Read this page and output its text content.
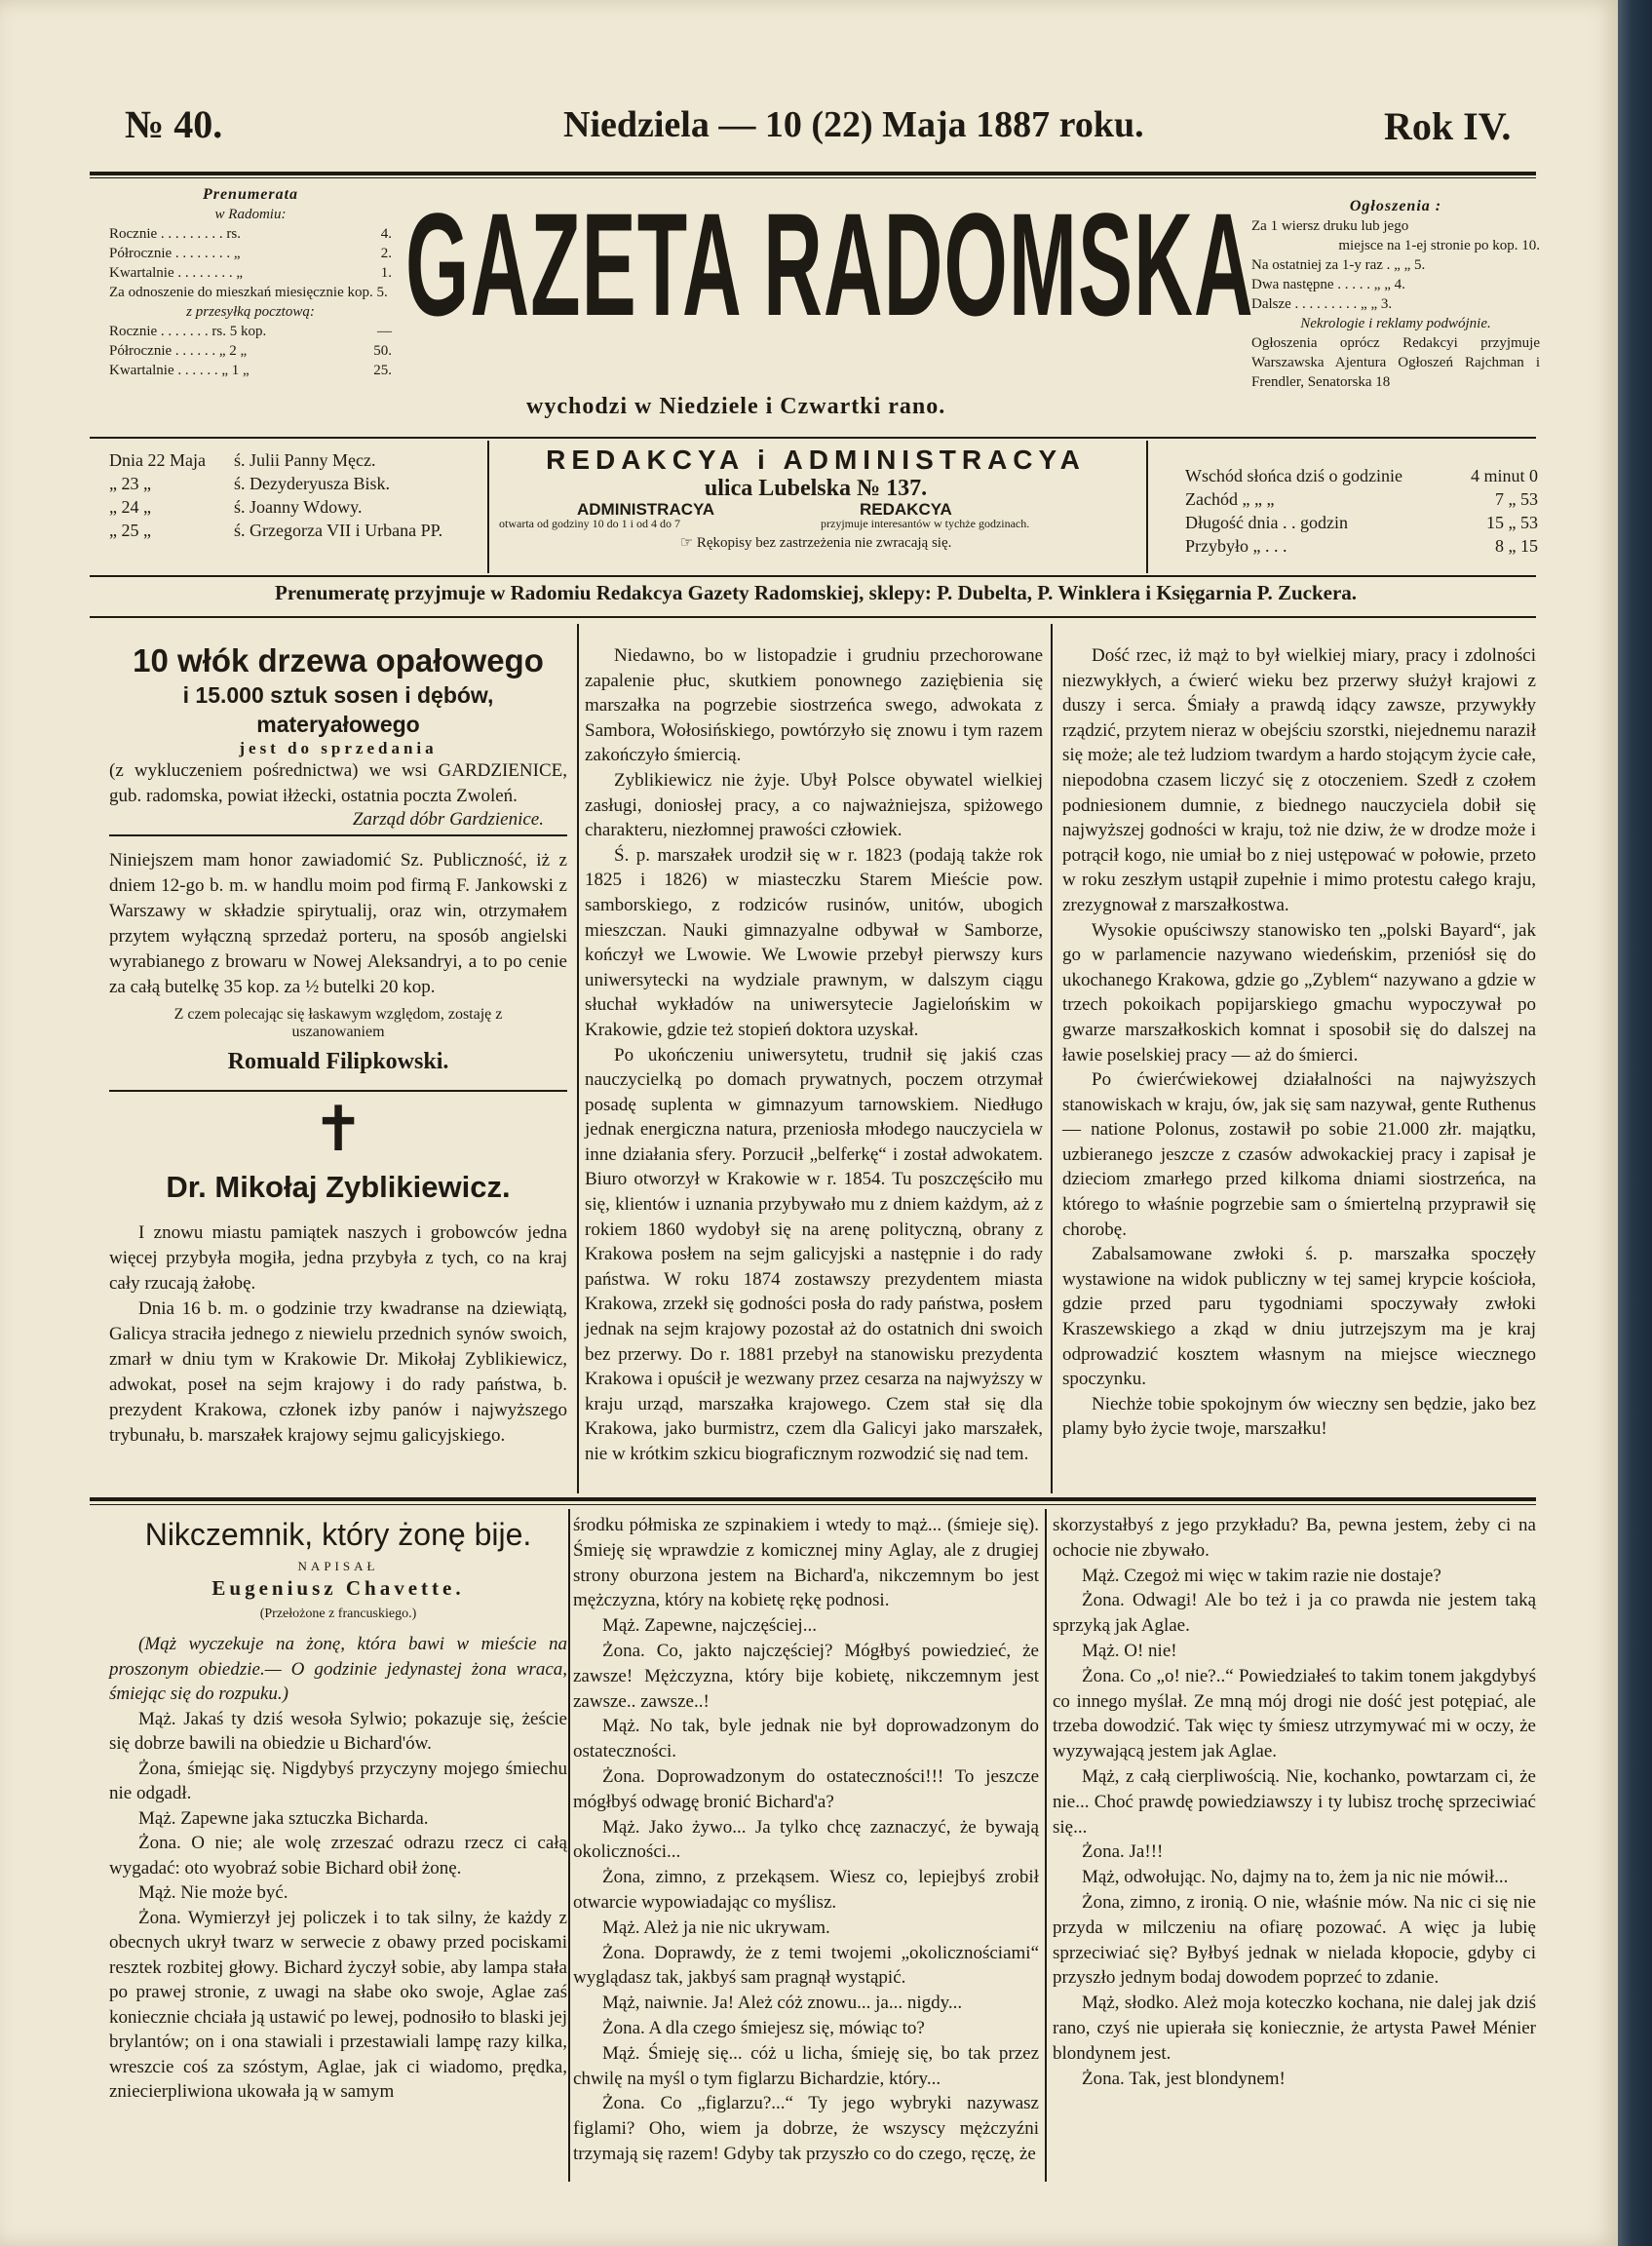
№ 40.	Niedziela — 10 (22) Maja 1887 roku.	Rok IV.
Prenumerata
w Radomiu:
Rocznie . . . . . . . . . rs.	4.
Półrocznie . . . . . . . . „	2.
Kwartalnie . . . . . . . . „	1.
Za odnoszenie do mieszkań miesięcznie kop. 5.
z przesyłką pocztową:
Rocznie . . . . . . . rs. 5 kop.	—
Półrocznie . . . . . . „ 2 „	50.
Kwartalnie . . . . . . „ 1 „	25.
GAZETA RADOMSKA
wychodzi w Niedziele i Czwartki rano.
Ogłoszenia :
Za 1 wiersz druku lub jego
miejsce na 1-ej stronie po kop. 10.
Na ostatniej za 1-y raz . „ „ 5.
Dwa następne . . . . . „ „ 4.
Dalsze . . . . . . . . . „ „ 3.
Nekrologie i reklamy podwójnie.
Ogłoszenia oprócz Redakcyi przyjmuje Warszawska Ajentura Ogłoszeń Rajchman i Frendler, Senatorska 18
Dnia 22 Maja ś. Julii Panny Męcz.
„ 23 „	ś. Dezyderyusza Bisk.
„ 24 „	ś. Joanny Wdowy.
„ 25 „	ś. Grzegorza VII i Urbana PP.
REDAKCYA i ADMINISTRACYA
ulica Lubelska № 137.
ADMINISTRACYA
otwarta od godziny 10 do 1 i od 4 do 7
REDAKCYA
przyjmuje interesantów w tychże godzinach.
☞ Rękopisy bez zastrzeżenia nie zwracają się.
Wschód słońca dziś o godzinie	4 minut 0
Zachód „ „ „	7 „ 53
Długość dnia . . godzin	15 „ 53
Przybyło „ . . .	8 „ 15
Prenumeratę przyjmuje w Radomiu Redakcya Gazety Radomskiej, sklepy: P. Dubelta, P. Winklera i Księgarnia P. Zuckera.
10 włók drzewa opałowego
i 15.000 sztuk sosen i dębów, materyałowego
jest do sprzedania
(z wykluczeniem pośrednictwa) we wsi GARDZIENICE, gub. radomska, powiat iłżecki, ostatnia poczta Zwoleń.
Zarząd dóbr Gardzienice.
Niniejszem mam honor zawiadomić Sz. Publiczność, iż z dniem 12-go b. m. w handlu moim pod firmą F. Jankowski z Warszawy w składzie spirytualij, oraz win, otrzymałem przytem wyłączną sprzedaż porteru, na sposób angielski wyrabianego z browaru w Nowej Aleksandryi, a to po cenie za całą butelkę 35 kop. za ½ butelki 20 kop.
Z czem polecając się łaskawym względom, zostaję z uszanowaniem
Romuald Filipkowski.
✝
Dr. Mikołaj Zyblikiewicz.

I znowu miastu pamiątek naszych i grobowców jedna więcej przybyła mogiła, jedna przybyła z tych, co na kraj cały rzucają żałobę.

Dnia 16 b. m. o godzinie trzy kwadranse na dziewiątą, Galicya straciła jednego z niewielu przednich synów swoich, zmarł w dniu tym w Krakowie Dr. Mikołaj Zyblikiewicz, adwokat, poseł na sejm krajowy i do rady państwa, b. prezydent Krakowa, członek izby panów i najwyższego trybunału, b. marszałek krajowy sejmu galicyjskiego.

Niedawno, bo w listopadzie i grudniu przechorowane zapalenie płuc, skutkiem ponownego zaziębienia się marszałka na pogrzebie siostrzeńca swego, adwokata z Sambora, Wołosińskiego, powtórzyło się znowu i tym razem zakończyło śmiercią.

Zyblikiewicz nie żyje. Ubył Polsce obywatel wielkiej zasługi, doniosłej pracy, a co najważniejsza, spiżowego charakteru, niezłomnej prawości człowiek.

Ś. p. marszałek urodził się w r. 1823 (podają także rok 1825 i 1826) w miasteczku Starem Mieście pow. samborskiego, z rodziców rusinów, unitów, ubogich mieszczan. Nauki gimnazyalne odbywał w Samborze, kończył we Lwowie. We Lwowie przebył pierwszy kurs uniwersytecki na wydziale prawnym, w dalszym ciągu słuchał wykładów na uniwersytecie Jagielońskim w Krakowie, gdzie też stopień doktora uzyskał.

Po ukończeniu uniwersytetu, trudnił się jakiś czas nauczycielką po domach prywatnych, poczem otrzymał posadę suplenta w gimnazyum tarnowskiem. Niedługo jednak energiczna natura, przeniosła młodego nauczyciela w inne działania sfery. Porzucił „belferkę“ i został adwokatem. Biuro otworzył w Krakowie w r. 1854. Tu poszczęściło mu się, klientów i uznania przybywało mu z dniem każdym, aż z rokiem 1860 wydobył się na arenę polityczną, obrany z Krakowa posłem na sejm galicyjski a następnie i do rady państwa. W roku 1874 zostawszy prezydentem miasta Krakowa, zrzekł się godności posła do rady państwa, posłem jednak na sejm krajowy pozostał aż do ostatnich dni swoich bez przerwy. Do r. 1881 przebył na stanowisku prezydenta Krakowa i opuścił je wezwany przez cesarza na najwyższy w kraju urząd, marszałka krajowego. Czem stał się dla Krakowa, jako burmistrz, czem dla Galicyi jako marszałek, nie w krótkim szkicu biograficznym rozwodzić się nad tem.

Dość rzec, iż mąż to był wielkiej miary, pracy i zdolności niezwykłych, a ćwierć wieku bez przerwy służył krajowi z duszy i serca. Śmiały a prawdą idący zawsze, przywykły rządzić, przytem nieraz w obejściu szorstki, niejednemu naraził się może; ale też ludziom twardym a hardo stojącym życie całe, niepodobna czasem liczyć się z otoczeniem. Szedł z czołem podniesionem dumnie, z biednego nauczyciela dobił się najwyższej godności w kraju, toż nie dziw, że w drodze może i potrącił kogo, nie umiał bo z niej ustępować w połowie, przeto w roku zeszłym ustąpił zupełnie i mimo protestu całego kraju, zrezygnował z marszałkostwa.

Wysokie opuściwszy stanowisko ten „polski Bayard“, jak go w parlamencie nazywano wiedeńskim, przeniósł się do ukochanego Krakowa, gdzie go „Zyblem“ nazywano a gdzie w trzech pokoikach popijarskiego gmachu wypoczywał po gwarze marszałkoskich komnat i sposobił się do dalszej na ławie poselskiej pracy — aż do śmierci.

Po ćwierćwiekowej działalności na najwyższych stanowiskach w kraju, ów, jak się sam nazywał, gente Ruthenus — natione Polonus, zostawił po sobie 21.000 złr. majątku, uzbieranego jeszcze z czasów adwokackiej pracy i zapisał je dzieciom zmarłego przed kilkoma dniami siostrzeńca, na którego to właśnie pogrzebie sam o śmiertelną przyprawił się chorobę.

Zabalsamowane zwłoki ś. p. marszałka spoczęły wystawione na widok publiczny w tej samej krypcie kościoła, gdzie przed paru tygodniami spoczywały zwłoki Kraszewskiego a zkąd w dniu jutrzejszym ma je kraj odprowadzić kosztem własnym na miejsce wiecznego spoczynku.

Niechże tobie spokojnym ów wieczny sen będzie, jako bez plamy było życie twoje, marszałku!

Nikczemnik, który żonę bije.
NAPISAŁ
Eugeniusz Chavette.
(Przełożone z francuskiego.)

(Mąż wyczekuje na żonę, która bawi w mieście na proszonym obiedzie.— O godzinie jedynastej żona wraca, śmiejąc się do rozpuku.)

Mąż. Jakaś ty dziś wesoła Sylwio; pokazuje się, żeście się dobrze bawili na obiedzie u Bichard'ów.

Żona, śmiejąc się. Nigdybyś przyczyny mojego śmiechu nie odgadł.

Mąż. Zapewne jaka sztuczka Bicharda.

Żona. O nie; ale wolę zrzeszać odrazu rzecz ci całą wygadać: oto wyobraź sobie Bichard obił żonę.

Mąż. Nie może być.

Żona. Wymierzył jej policzek i to tak silny, że każdy z obecnych ukrył twarz w serwecie z obawy przed pociskami resztek rozbitej głowy. Bichard życzył sobie, aby lampa stała po prawej stronie, z uwagi na słabe oko swoje, Aglae zaś koniecznie chciała ją ustawić po lewej, podnosiło to blaski jej brylantów; on i ona stawiali i przestawiali lampę razy kilka, wreszcie coś za szóstym, Aglae, jak ci wiadomo, prędka, zniecierpliwiona ukowała ją w samym

środku półmiska ze szpinakiem i wtedy to mąż... (śmieje się). Śmieję się wprawdzie z komicznej miny Aglay, ale z drugiej strony oburzona jestem na Bichard'a, nikczemnym bo jest mężczyzna, który na kobietę rękę podnosi.

Mąż. Zapewne, najczęściej...

Żona. Co, jakto najczęściej? Mógłbyś powiedzieć, że zawsze! Mężczyzna, który bije kobietę, nikczemnym jest zawsze.. zawsze..!

Mąż. No tak, byle jednak nie był doprowadzonym do ostateczności.

Żona. Doprowadzonym do ostateczności!!! To jeszcze mógłbyś odwagę bronić Bichard'a?

Mąż. Jako żywo... Ja tylko chcę zaznaczyć, że bywają okoliczności...

Żona, zimno, z przekąsem. Wiesz co, lepiejbyś zrobił otwarcie wypowiadając co myślisz.

Mąż. Ależ ja nie nic ukrywam.

Żona. Doprawdy, że z temi twojemi „okolicznościami“ wyglądasz tak, jakbyś sam pragnął wystąpić.

Mąż, naiwnie. Ja! Ależ cóż znowu... ja... nigdy...

Żona. A dla czego śmiejesz się, mówiąc to?

Mąż. Śmieję się... cóż u licha, śmieję się, bo tak przez chwilę na myśl o tym figlarzu Bichardzie, który...

Żona. Co „figlarzu?...“ Ty jego wybryki nazywasz figlami? Oho, wiem ja dobrze, że wszyscy mężczyźni trzymają się razem! Gdyby tak przyszło co do czego, ręczę, że

skorzystałbyś z jego przykładu? Ba, pewna jestem, żeby ci na ochocie nie zbywało.

Mąż. Czegoż mi więc w takim razie nie dostaje?

Żona. Odwagi! Ale bo też i ja co prawda nie jestem taką sprzyką jak Aglae.

Mąż. O! nie!

Żona. Co „o! nie?..“ Powiedziałeś to takim tonem jakgdybyś co innego myślał. Ze mną mój drogi nie dość jest potępiać, ale trzeba dowodzić. Tak więc ty śmiesz utrzymywać mi w oczy, że wyzywającą jestem jak Aglae.

Mąż, z całą cierpliwością. Nie, kochanko, powtarzam ci, że nie... Choć prawdę powiedziawszy i ty lubisz trochę sprzeciwiać się...

Żona. Ja!!!

Mąż, odwołując. No, dajmy na to, żem ja nic nie mówił...

Żona, zimno, z ironią. O nie, właśnie mów. Na nic ci się nie przyda w milczeniu na ofiarę pozować. A więc ja lubię sprzeciwiać się? Byłbyś jednak w nielada kłopocie, gdyby ci przyszło jednym bodaj dowodem poprzeć to zdanie.

Mąż, słodko. Ależ moja koteczko kochana, nie dalej jak dziś rano, czyś nie upierała się koniecznie, że artysta Paweł Ménier blondynem jest.

Żona. Tak, jest blondynem!
